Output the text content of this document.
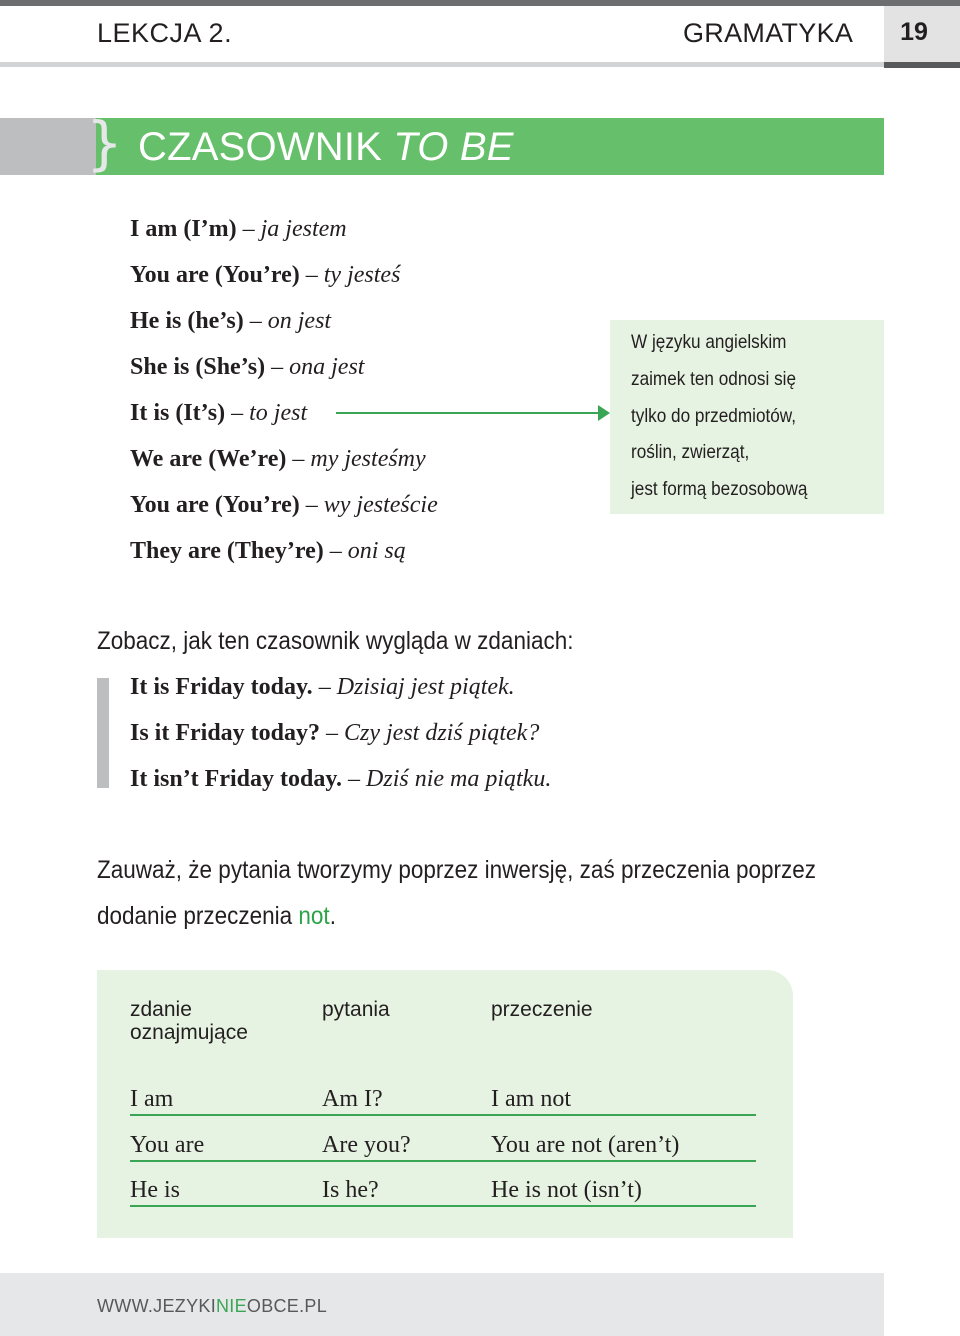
LEKCJA 2.	GRAMATYKA	19
} CZASOWNIK TO BE
I am (I’m) – ja jestem
You are (You’re) – ty jesteś
He is (he’s) – on jest
She is (She’s) – ona jest
It is (It’s) – to jest
We are (We’re) – my jesteśmy
You are (You’re) – wy jesteście
They are (They’re) – oni są
W języku angielskim
zaimek ten odnosi się
tylko do przedmiotów,
roślin, zwierząt,
jest formą bezosobową
Zobacz, jak ten czasownik wygląda w zdaniach:
It is Friday today. – Dzisiaj jest piątek.
Is it Friday today? – Czy jest dziś piątek?
It isn’t Friday today. – Dziś nie ma piątku.
Zauważ, że pytania tworzymy poprzez inwersję, zaś przeczenia poprzez
dodanie przeczenia not.
zdanie
oznajmujące
pytania	przeczenie
I am	Am I?	I am not
You are	Are you?	You are not (aren’t)
He is	Is he?	He is not (isn’t)
WWW.JEZYKINIEOBCE.PL
